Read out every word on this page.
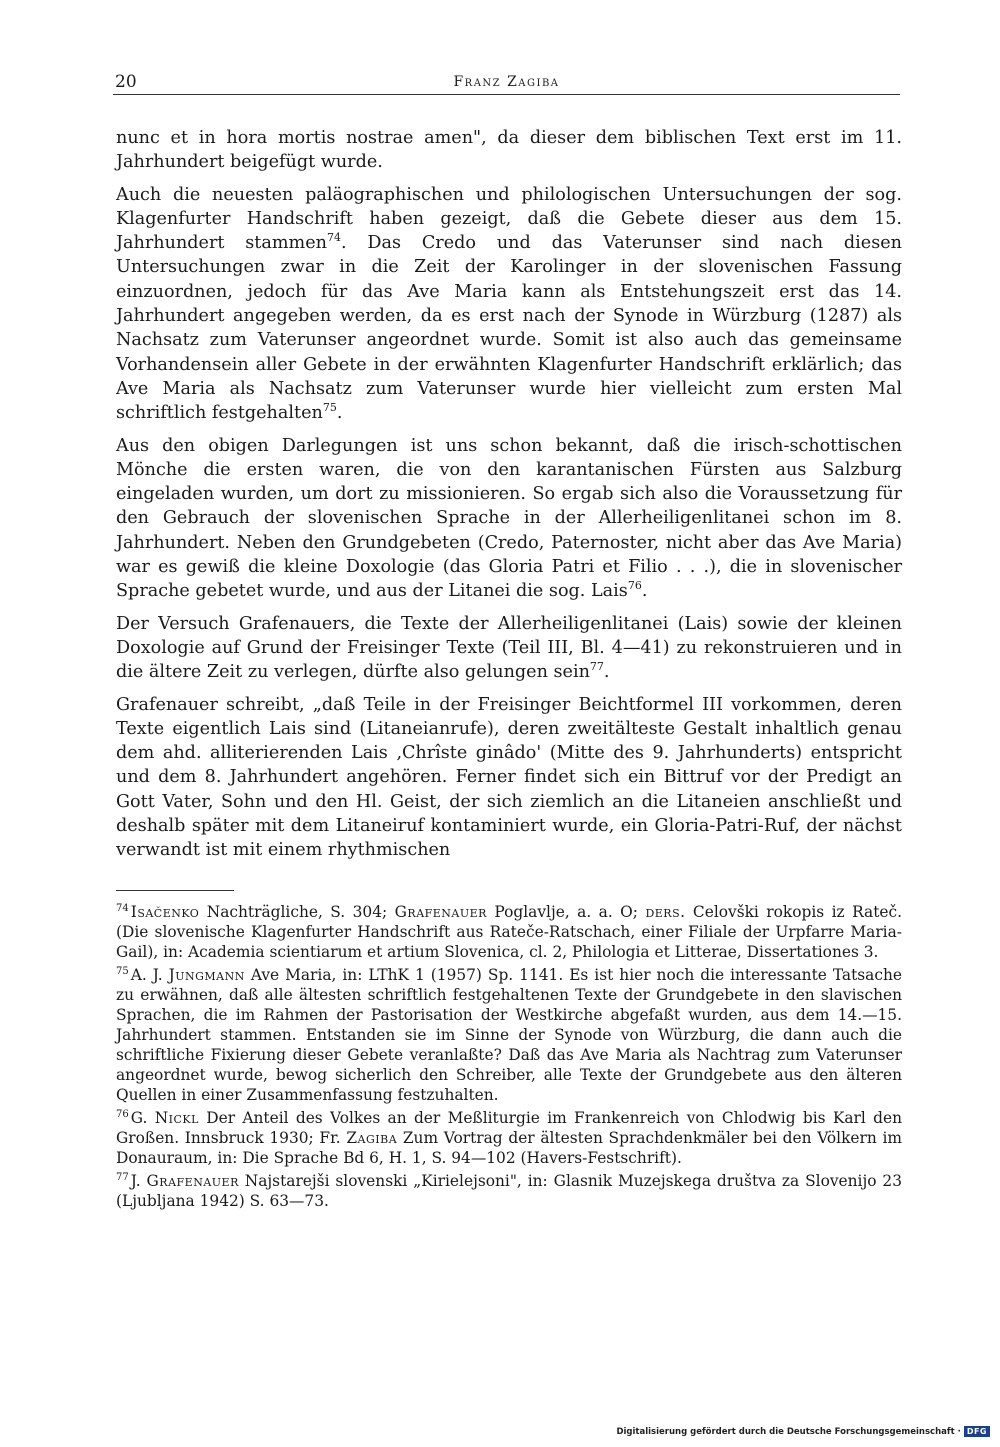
20	Franz Zagiba

nunc et in hora mortis nostrae amen", da dieser dem biblischen Text erst im 11. Jahrhundert beigefügt wurde.

Auch die neuesten paläographischen und philologischen Untersuchungen der sog. Klagenfurter Handschrift haben gezeigt, daß die Gebete dieser aus dem 15. Jahrhundert stammen$^{74}$. Das Credo und das Vaterunser sind nach diesen Untersuchungen zwar in die Zeit der Karolinger in der slovenischen Fassung einzuordnen, jedoch für das Ave Maria kann als Entstehungszeit erst das 14. Jahrhundert angegeben werden, da es erst nach der Synode in Würzburg (1287) als Nachsatz zum Vaterunser angeordnet wurde. Somit ist also auch das gemeinsame Vorhandensein aller Gebete in der erwähnten Klagenfurter Handschrift erklärlich; das Ave Maria als Nachsatz zum Vaterunser wurde hier vielleicht zum ersten Mal schriftlich festgehalten$^{75}$.

Aus den obigen Darlegungen ist uns schon bekannt, daß die irisch-schottischen Mönche die ersten waren, die von den karantanischen Fürsten aus Salzburg eingeladen wurden, um dort zu missionieren. So ergab sich also die Voraussetzung für den Gebrauch der slovenischen Sprache in der Allerheiligenlitanei schon im 8. Jahrhundert. Neben den Grundgebeten (Credo, Paternoster, nicht aber das Ave Maria) war es gewiß die kleine Doxologie (das Gloria Patri et Filio . . .), die in slovenischer Sprache gebetet wurde, und aus der Litanei die sog. Lais$^{76}$.

Der Versuch Grafenauers, die Texte der Allerheiligenlitanei (Lais) sowie der kleinen Doxologie auf Grund der Freisinger Texte (Teil III, Bl. 4—41) zu rekonstruieren und in die ältere Zeit zu verlegen, dürfte also gelungen sein$^{77}$.

Grafenauer schreibt, „daß Teile in der Freisinger Beichtformel III vorkommen, deren Texte eigentlich Lais sind (Litaneianrufe), deren zweitälteste Gestalt inhaltlich genau dem ahd. alliterierenden Lais ‚Chrîste ginâdo' (Mitte des 9. Jahrhunderts) entspricht und dem 8. Jahrhundert angehören. Ferner findet sich ein Bittruf vor der Predigt an Gott Vater, Sohn und den Hl. Geist, der sich ziemlich an die Litaneien anschließt und deshalb später mit dem Litaneiruf kontaminiert wurde, ein Gloria-Patri-Ruf, der nächst verwandt ist mit einem rhythmischen

$^{74}$ Isačenko Nachträgliche, S. 304; Grafenauer Poglavlje, a. a. O; ders. Celovški rokopis iz Rateč. (Die slovenische Klagenfurter Handschrift aus Rateče-Ratschach, einer Filiale der Urpfarre Maria-Gail), in: Academia scientiarum et artium Slovenica, cl. 2, Philologia et Litterae, Dissertationes 3.

$^{75}$ A. J. Jungmann Ave Maria, in: LThK 1 (1957) Sp. 1141. Es ist hier noch die interessante Tatsache zu erwähnen, daß alle ältesten schriftlich festgehaltenen Texte der Grundgebete in den slavischen Sprachen, die im Rahmen der Pastorisation der Westkirche abgefaßt wurden, aus dem 14.—15. Jahrhundert stammen. Entstanden sie im Sinne der Synode von Würzburg, die dann auch die schriftliche Fixierung dieser Gebete veranlaßte? Daß das Ave Maria als Nachtrag zum Vaterunser angeordnet wurde, bewog sicherlich den Schreiber, alle Texte der Grundgebete aus den älteren Quellen in einer Zusammenfassung festzuhalten.

$^{76}$ G. Nickl Der Anteil des Volkes an der Meßliturgie im Frankenreich von Chlodwig bis Karl den Großen. Innsbruck 1930; Fr. Zagiba Zum Vortrag der ältesten Sprachdenkmäler bei den Völkern im Donauraum, in: Die Sprache Bd 6, H. 1, S. 94—102 (Havers-Festschrift).

$^{77}$ J. Grafenauer Najstarejši slovenski „Kirielejsoni", in: Glasnik Muzejskega društva za Slovenijo 23 (Ljubljana 1942) S. 63—73.

Digitalisierung gefördert durch die Deutsche Forschungsgemeinschaft · DFG
